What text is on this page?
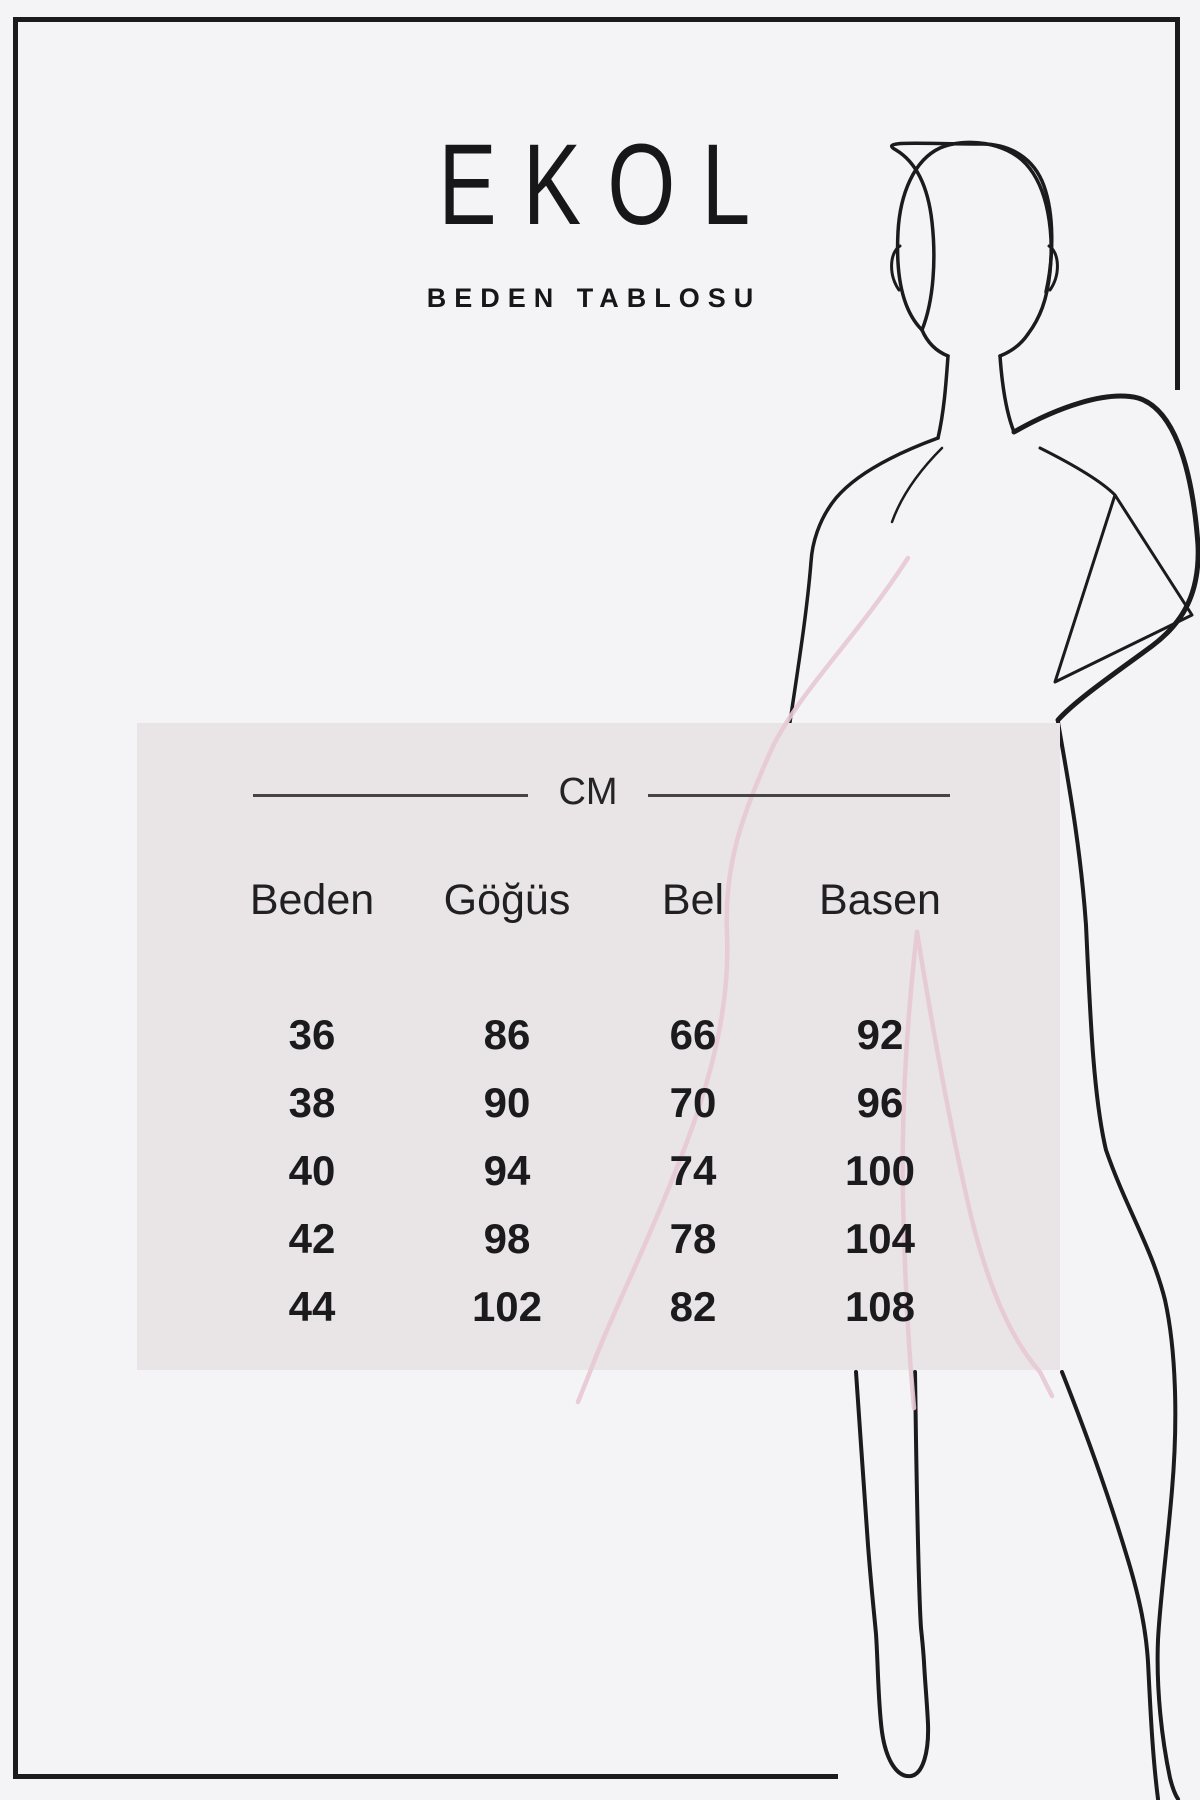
EKOL
BEDEN TABLOSU
CM
Beden	Göğüs	Bel	Basen
36	86	66	92
38	90	70	96
40	94	74	100
42	98	78	104
44	102	82	108
